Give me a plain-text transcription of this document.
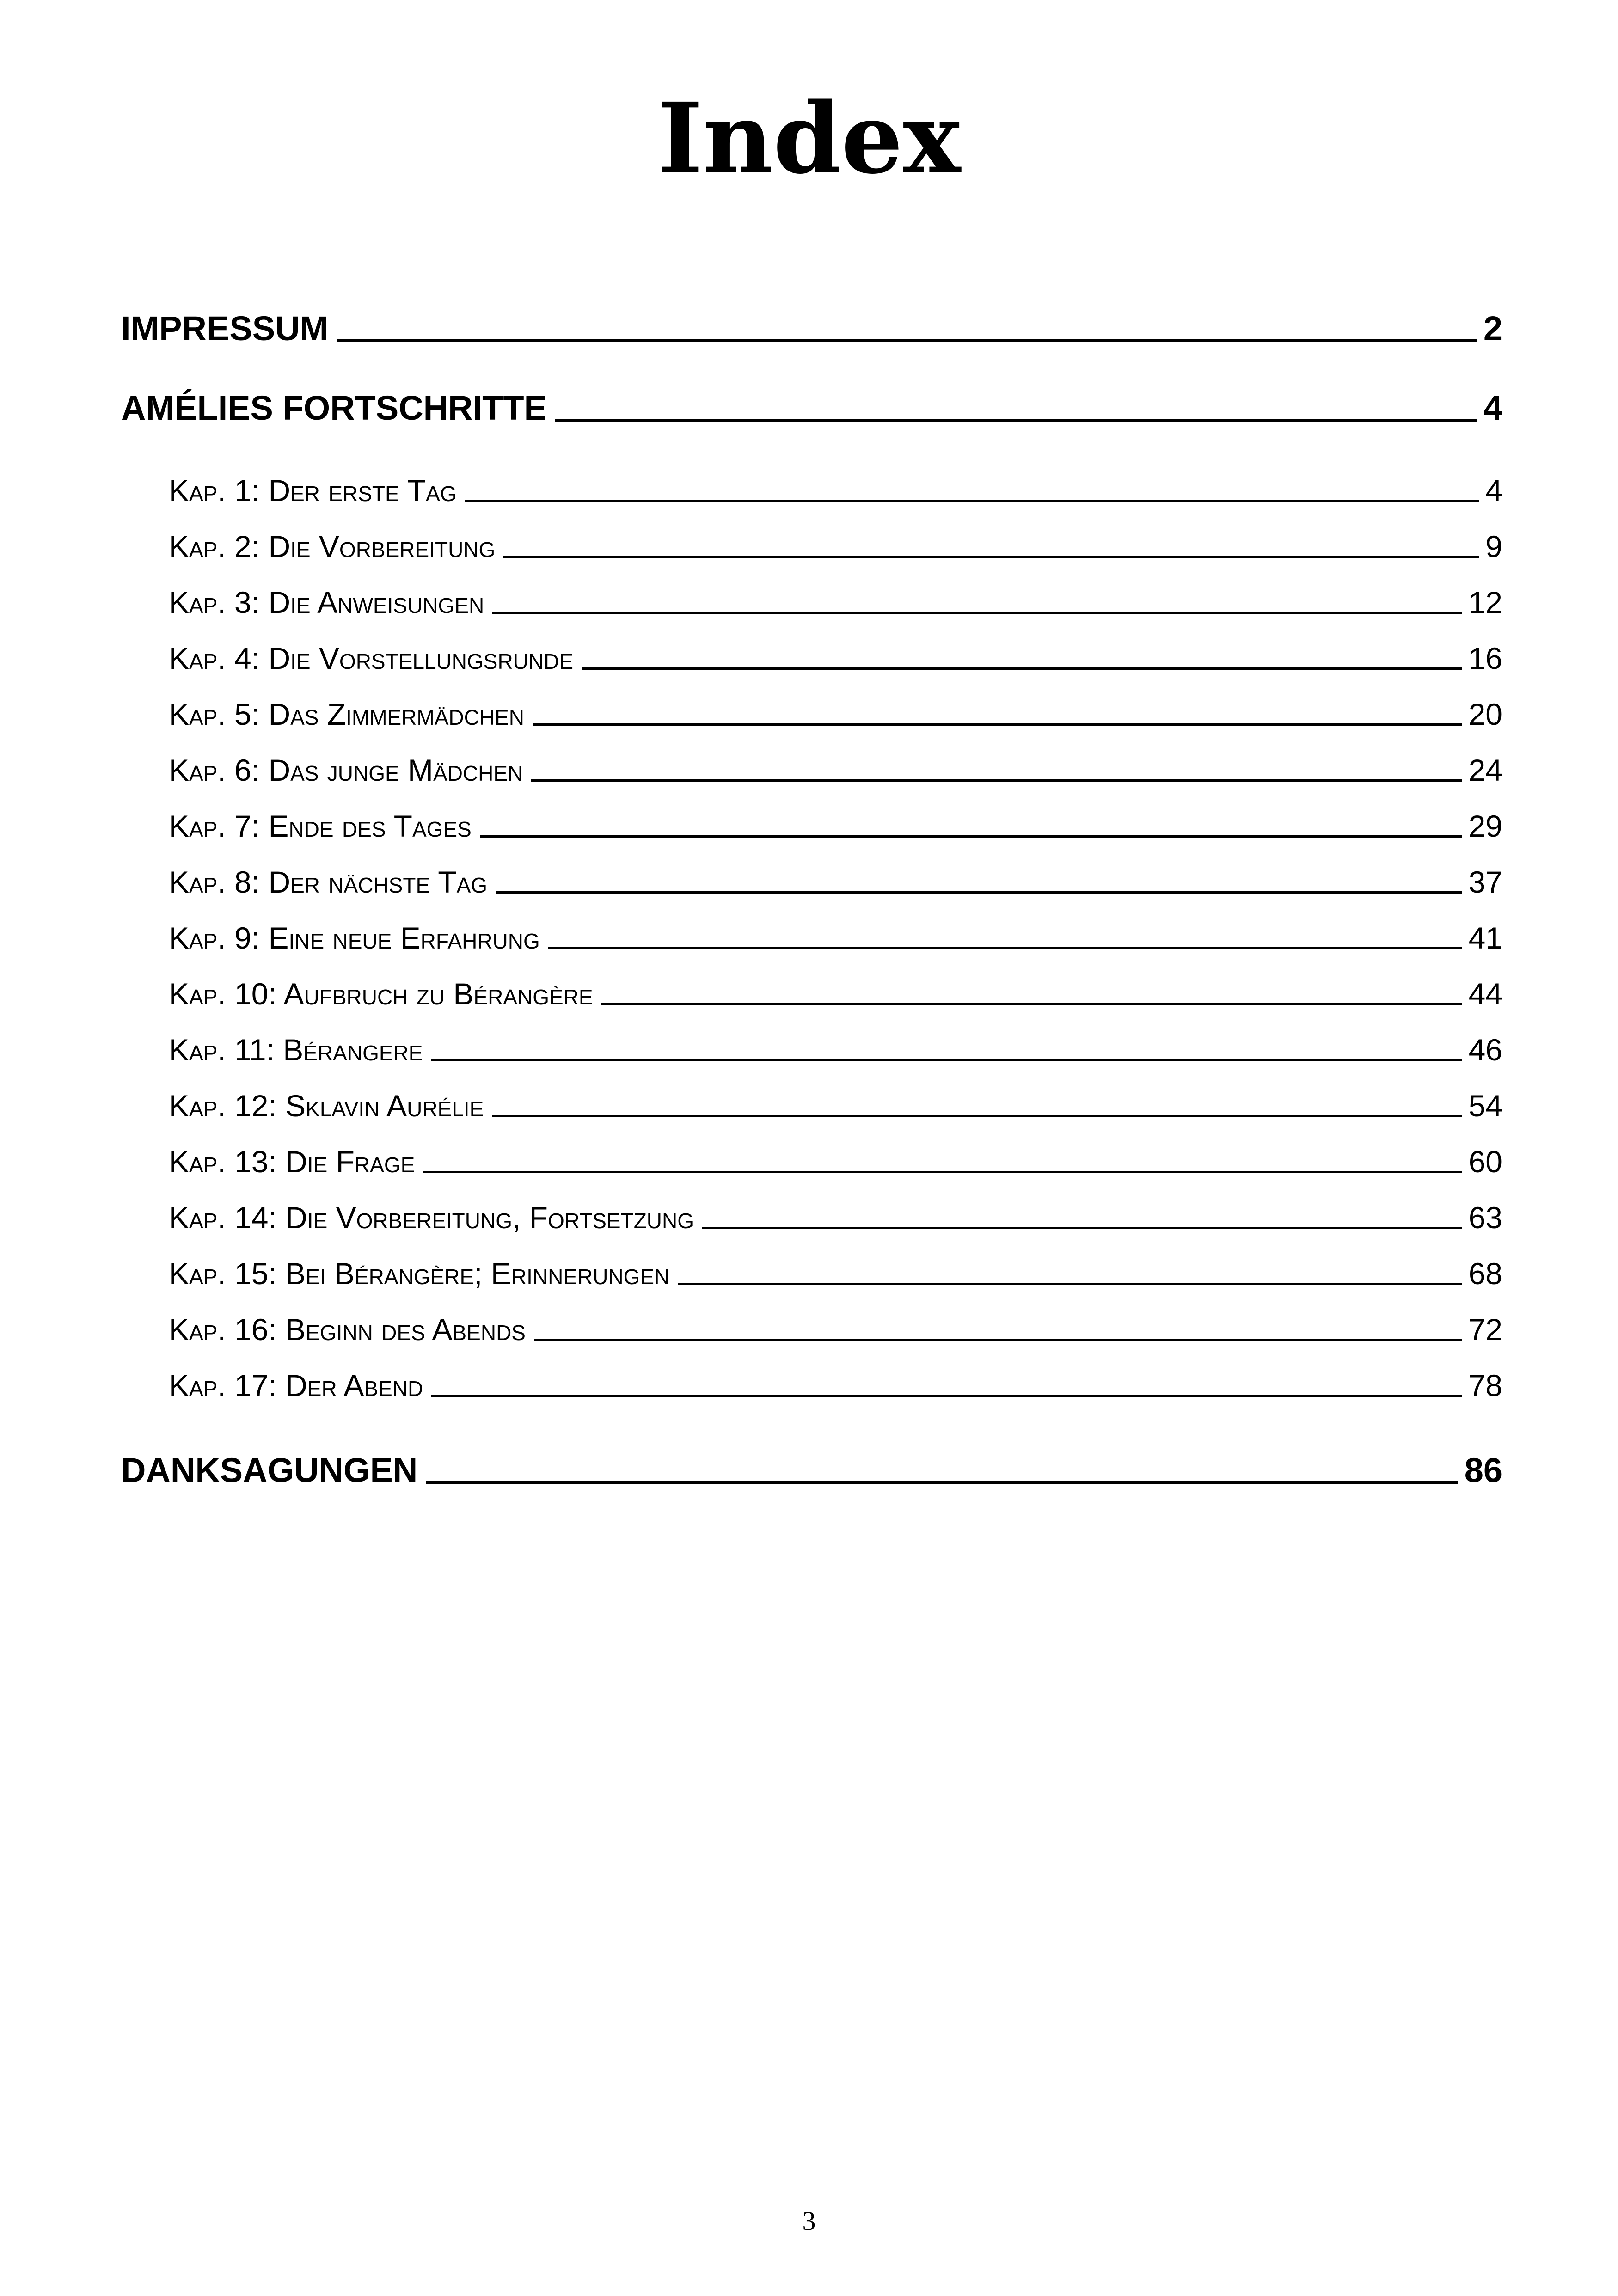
Index
IMPRESSUM	2
AMÉLIES FORTSCHRITTE	4
Kap. 1: Der erste Tag	4
Kap. 2: Die Vorbereitung	9
Kap. 3: Die Anweisungen	12
Kap. 4: Die Vorstellungsrunde	16
Kap. 5: Das Zimmermädchen	20
Kap. 6: Das junge Mädchen	24
Kap. 7: Ende des Tages	29
Kap. 8: Der nächste Tag	37
Kap. 9: Eine neue Erfahrung	41
Kap. 10: Aufbruch zu Bérangère	44
Kap. 11: Bérangere	46
Kap. 12: Sklavin Aurélie	54
Kap. 13: Die Frage	60
Kap. 14: Die Vorbereitung, Fortsetzung	63
Kap. 15: Bei Bérangère; Erinnerungen	68
Kap. 16: Beginn des Abends	72
Kap. 17: Der Abend	78
DANKSAGUNGEN	86
3
